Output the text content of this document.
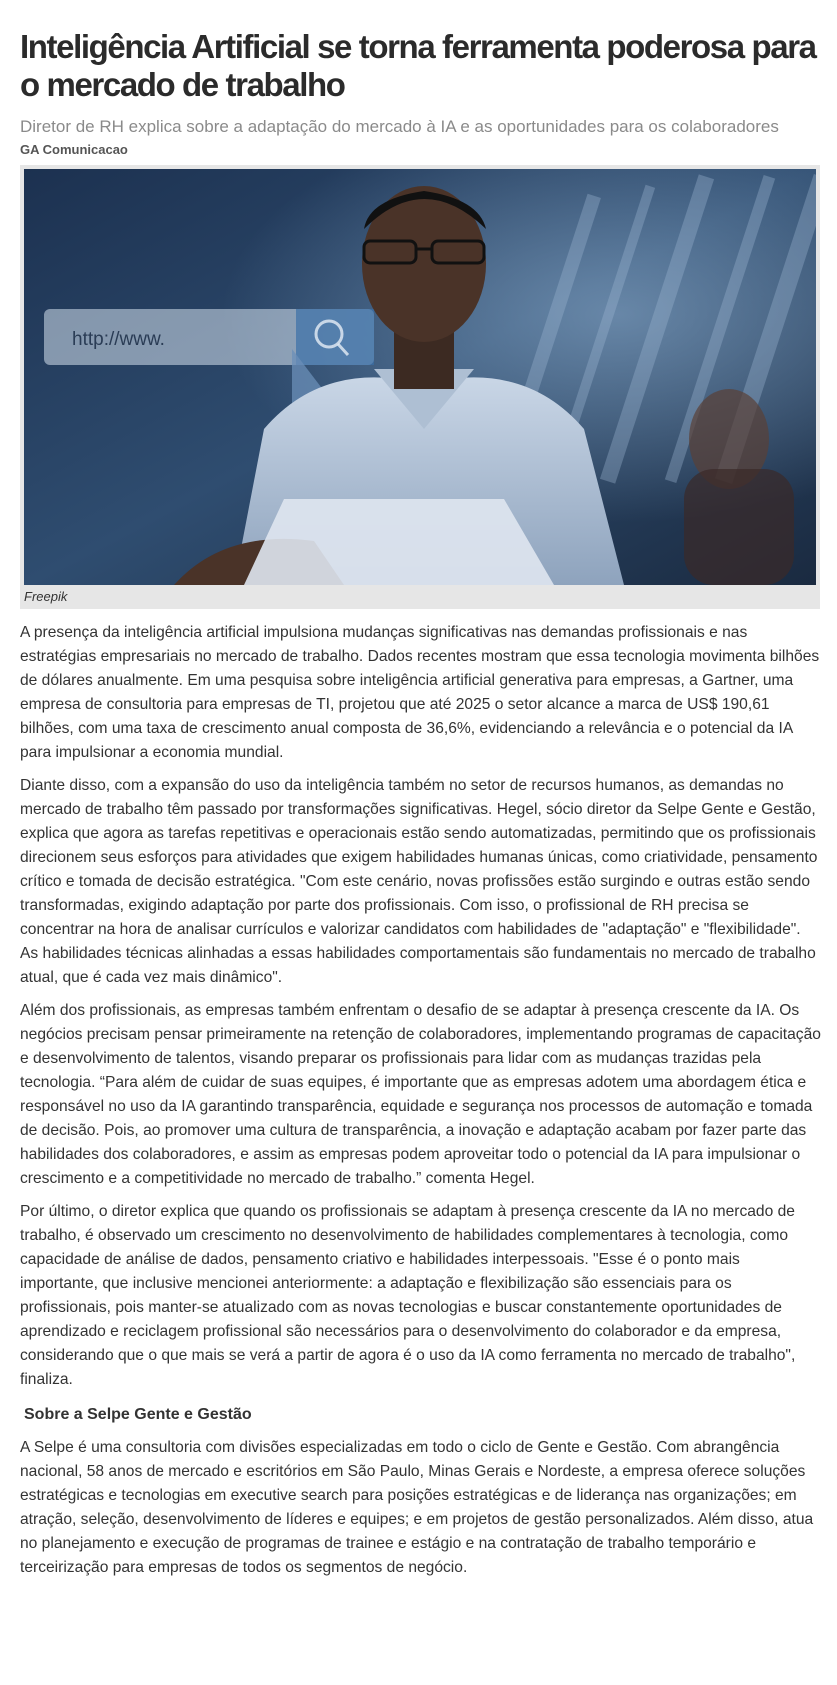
Inteligência Artificial se torna ferramenta poderosa para o mercado de trabalho
Diretor de RH explica sobre a adaptação do mercado à IA e as oportunidades para os colaboradores
GA Comunicacao
http://www.
Freepik

A presença da inteligência artificial impulsiona mudanças significativas nas demandas profissionais e nas estratégias empresariais no mercado de trabalho. Dados recentes mostram que essa tecnologia movimenta bilhões de dólares anualmente. Em uma pesquisa sobre inteligência artificial generativa para empresas, a Gartner, uma empresa de consultoria para empresas de TI, projetou que até 2025 o setor alcance a marca de US$ 190,61 bilhões, com uma taxa de crescimento anual composta de 36,6%, evidenciando a relevância e o potencial da IA para impulsionar a economia mundial.

Diante disso, com a expansão do uso da inteligência também no setor de recursos humanos, as demandas no mercado de trabalho têm passado por transformações significativas. Hegel, sócio diretor da Selpe Gente e Gestão, explica que agora as tarefas repetitivas e operacionais estão sendo automatizadas, permitindo que os profissionais direcionem seus esforços para atividades que exigem habilidades humanas únicas, como criatividade, pensamento crítico e tomada de decisão estratégica. "Com este cenário, novas profissões estão surgindo e outras estão sendo transformadas, exigindo adaptação por parte dos profissionais. Com isso, o profissional de RH precisa se concentrar na hora de analisar currículos e valorizar candidatos com habilidades de "adaptação" e "flexibilidade". As habilidades técnicas alinhadas a essas habilidades comportamentais são fundamentais no mercado de trabalho atual, que é cada vez mais dinâmico".

Além dos profissionais, as empresas também enfrentam o desafio de se adaptar à presença crescente da IA. Os negócios precisam pensar primeiramente na retenção de colaboradores, implementando programas de capacitação e desenvolvimento de talentos, visando preparar os profissionais para lidar com as mudanças trazidas pela tecnologia. “Para além de cuidar de suas equipes, é importante que as empresas adotem uma abordagem ética e responsável no uso da IA garantindo transparência, equidade e segurança nos processos de automação e tomada de decisão. Pois, ao promover uma cultura de transparência, a inovação e adaptação acabam por fazer parte das habilidades dos colaboradores, e assim as empresas podem aproveitar todo o potencial da IA para impulsionar o crescimento e a competitividade no mercado de trabalho.” comenta Hegel.

Por último, o diretor explica que quando os profissionais se adaptam à presença crescente da IA no mercado de trabalho, é observado um crescimento no desenvolvimento de habilidades complementares à tecnologia, como capacidade de análise de dados, pensamento criativo e habilidades interpessoais. "Esse é o ponto mais importante, que inclusive mencionei anteriormente: a adaptação e flexibilização são essenciais para os profissionais, pois manter-se atualizado com as novas tecnologias e buscar constantemente oportunidades de aprendizado e reciclagem profissional são necessários para o desenvolvimento do colaborador e da empresa, considerando que o que mais se verá a partir de agora é o uso da IA como ferramenta no mercado de trabalho", finaliza.

Sobre a Selpe Gente e Gestão

A Selpe é uma consultoria com divisões especializadas em todo o ciclo de Gente e Gestão. Com abrangência nacional, 58 anos de mercado e escritórios em São Paulo, Minas Gerais e Nordeste, a empresa oferece soluções estratégicas e tecnologias em executive search para posições estratégicas e de liderança nas organizações; em atração, seleção, desenvolvimento de líderes e equipes; e em projetos de gestão personalizados. Além disso, atua no planejamento e execução de programas de trainee e estágio e na contratação de trabalho temporário e terceirização para empresas de todos os segmentos de negócio.
